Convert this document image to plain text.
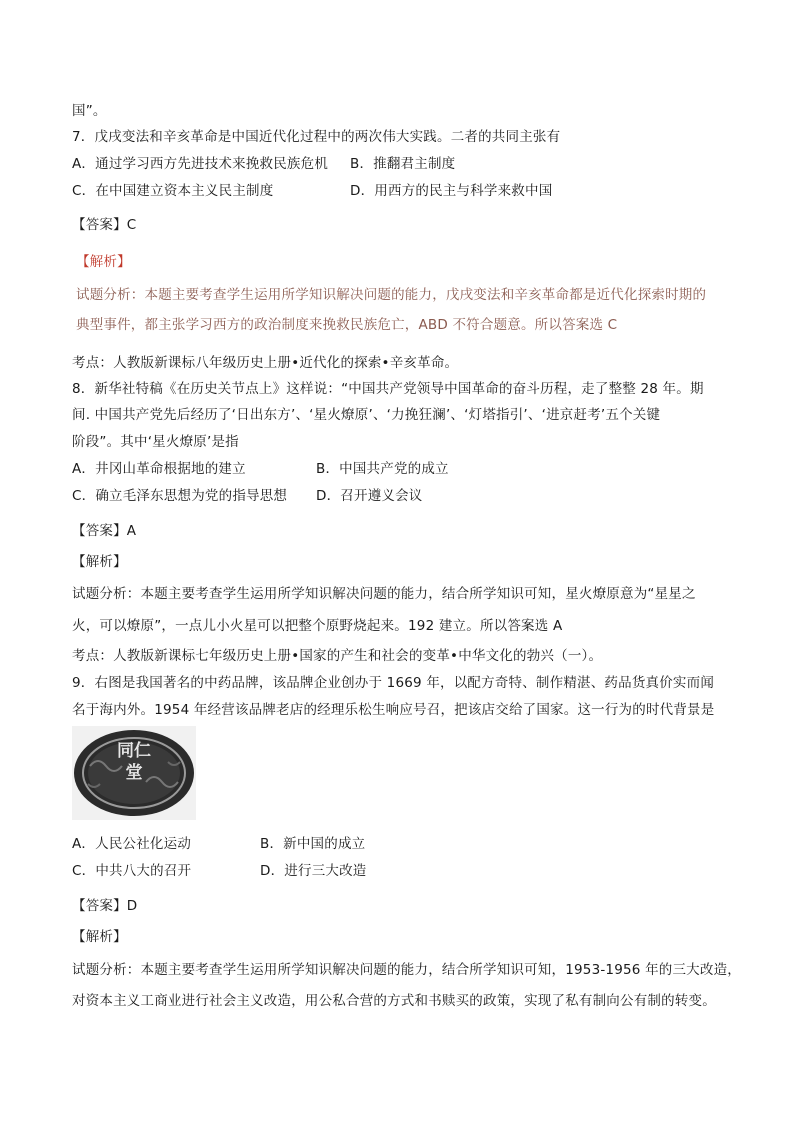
国”。
7．戊戌变法和辛亥革命是中国近代化过程中的两次伟大实践。二者的共同主张有
A．通过学习西方先进技术来挽救民族危机 B．推翻君主制度
C．在中国建立资本主义民主制度	D．用西方的民主与科学来救中国
【答案】C
【解析】
试题分析：本题主要考查学生运用所学知识解决问题的能力，戊戌变法和辛亥革命都是近代化探索时期的
典型事件，都主张学习西方的政治制度来挽救民族危亡，ABD 不符合题意。所以答案选 C
考点：人教版新课标八年级历史上册•近代化的探索•辛亥革命。
8．新华社特稿《在历史关节点上》这样说：“中国共产党领导中国革命的奋斗历程，走了整整 28 年。期
间. 中国共产党先后经历了‘日出东方’、‘星火燎原’、‘力挽狂澜’、‘灯塔指引’、‘进京赶考’五个关键
阶段”。其中‘星火燎原’是指
A．井冈山革命根据地的建立	B．中国共产党的成立
C．确立毛泽东思想为党的指导思想 D．召开遵义会议
【答案】A
【解析】
试题分析：本题主要考查学生运用所学知识解决问题的能力，结合所学知识可知，星火燎原意为“星星之
火，可以燎原”，一点儿小火星可以把整个原野烧起来。192 建立。所以答案选 A
考点：人教版新课标七年级历史上册•国家的产生和社会的变革•中华文化的勃兴（一）。
9．右图是我国著名的中药品牌，该品牌企业创办于 1669 年，以配方奇特、制作精湛、药品货真价实而闻
名于海内外。1954 年经营该品牌老店的经理乐松生响应号召，把该店交给了国家。这一行为的时代背景是
同仁堂
A．人民公社化运动	B．新中国的成立
C．中共八大的召开	D．进行三大改造
【答案】D
【解析】
试题分析：本题主要考查学生运用所学知识解决问题的能力，结合所学知识可知，1953-1956 年的三大改造，
对资本主义工商业进行社会主义改造，用公私合营的方式和书赎买的政策，实现了私有制向公有制的转变。
